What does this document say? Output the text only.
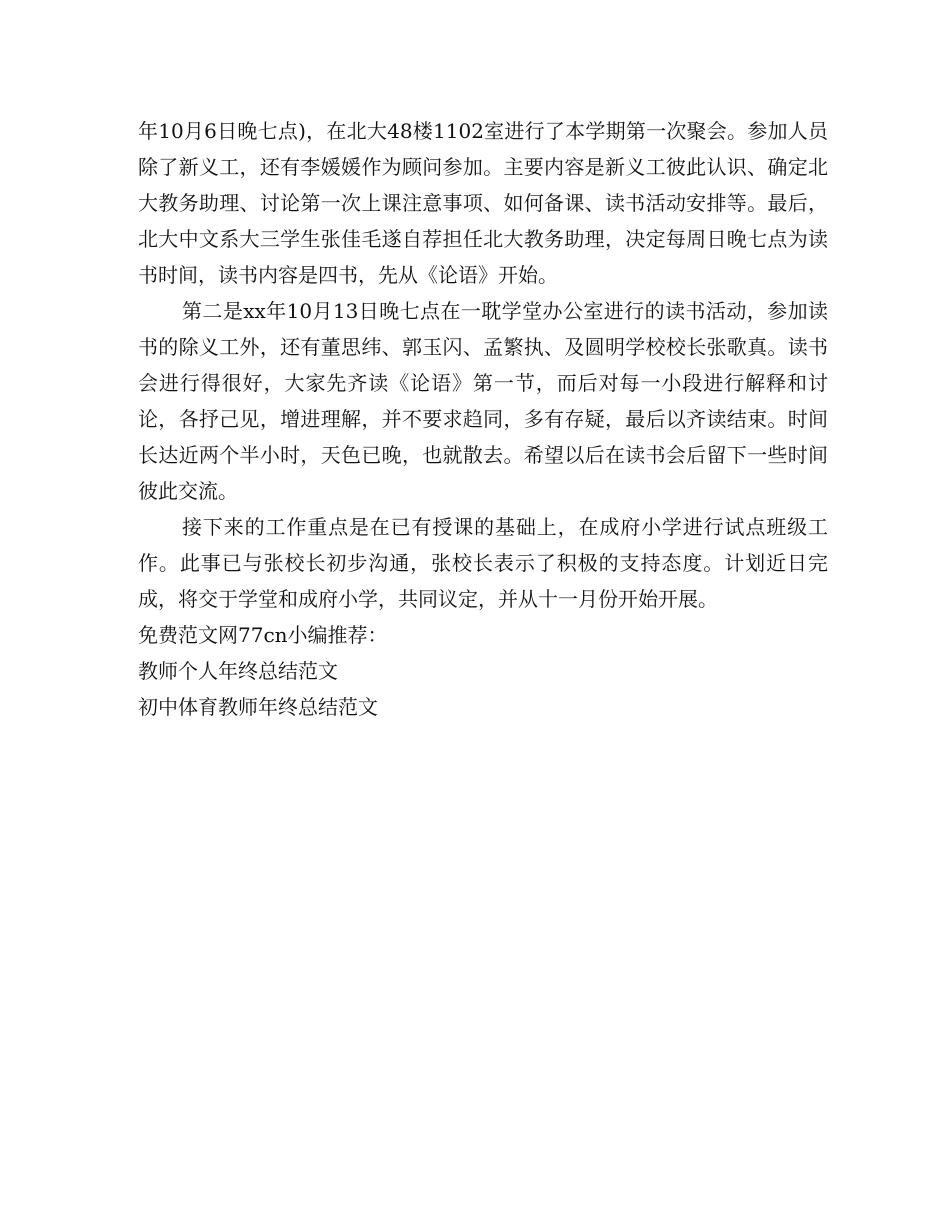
年10月6日晚七点)，在北大48楼1102室进行了本学期第一次聚会。参加人员除了新义工，还有李媛媛作为顾问参加。主要内容是新义工彼此认识、确定北大教务助理、讨论第一次上课注意事项、如何备课、读书活动安排等。最后，北大中文系大三学生张佳毛遂自荐担任北大教务助理，决定每周日晚七点为读书时间，读书内容是四书，先从《论语》开始。

第二是xx年10月13日晚七点在一耽学堂办公室进行的读书活动，参加读书的除义工外，还有董思纬、郭玉闪、孟繁执、及圆明学校校长张歌真。读书会进行得很好，大家先齐读《论语》第一节，而后对每一小段进行解释和讨论，各抒己见，增进理解，并不要求趋同，多有存疑，最后以齐读结束。时间长达近两个半小时，天色已晚，也就散去。希望以后在读书会后留下一些时间彼此交流。

接下来的工作重点是在已有授课的基础上，在成府小学进行试点班级工作。此事已与张校长初步沟通，张校长表示了积极的支持态度。计划近日完成，将交于学堂和成府小学，共同议定，并从十一月份开始开展。

免费范文网77cn小编推荐：

教师个人年终总结范文

初中体育教师年终总结范文
